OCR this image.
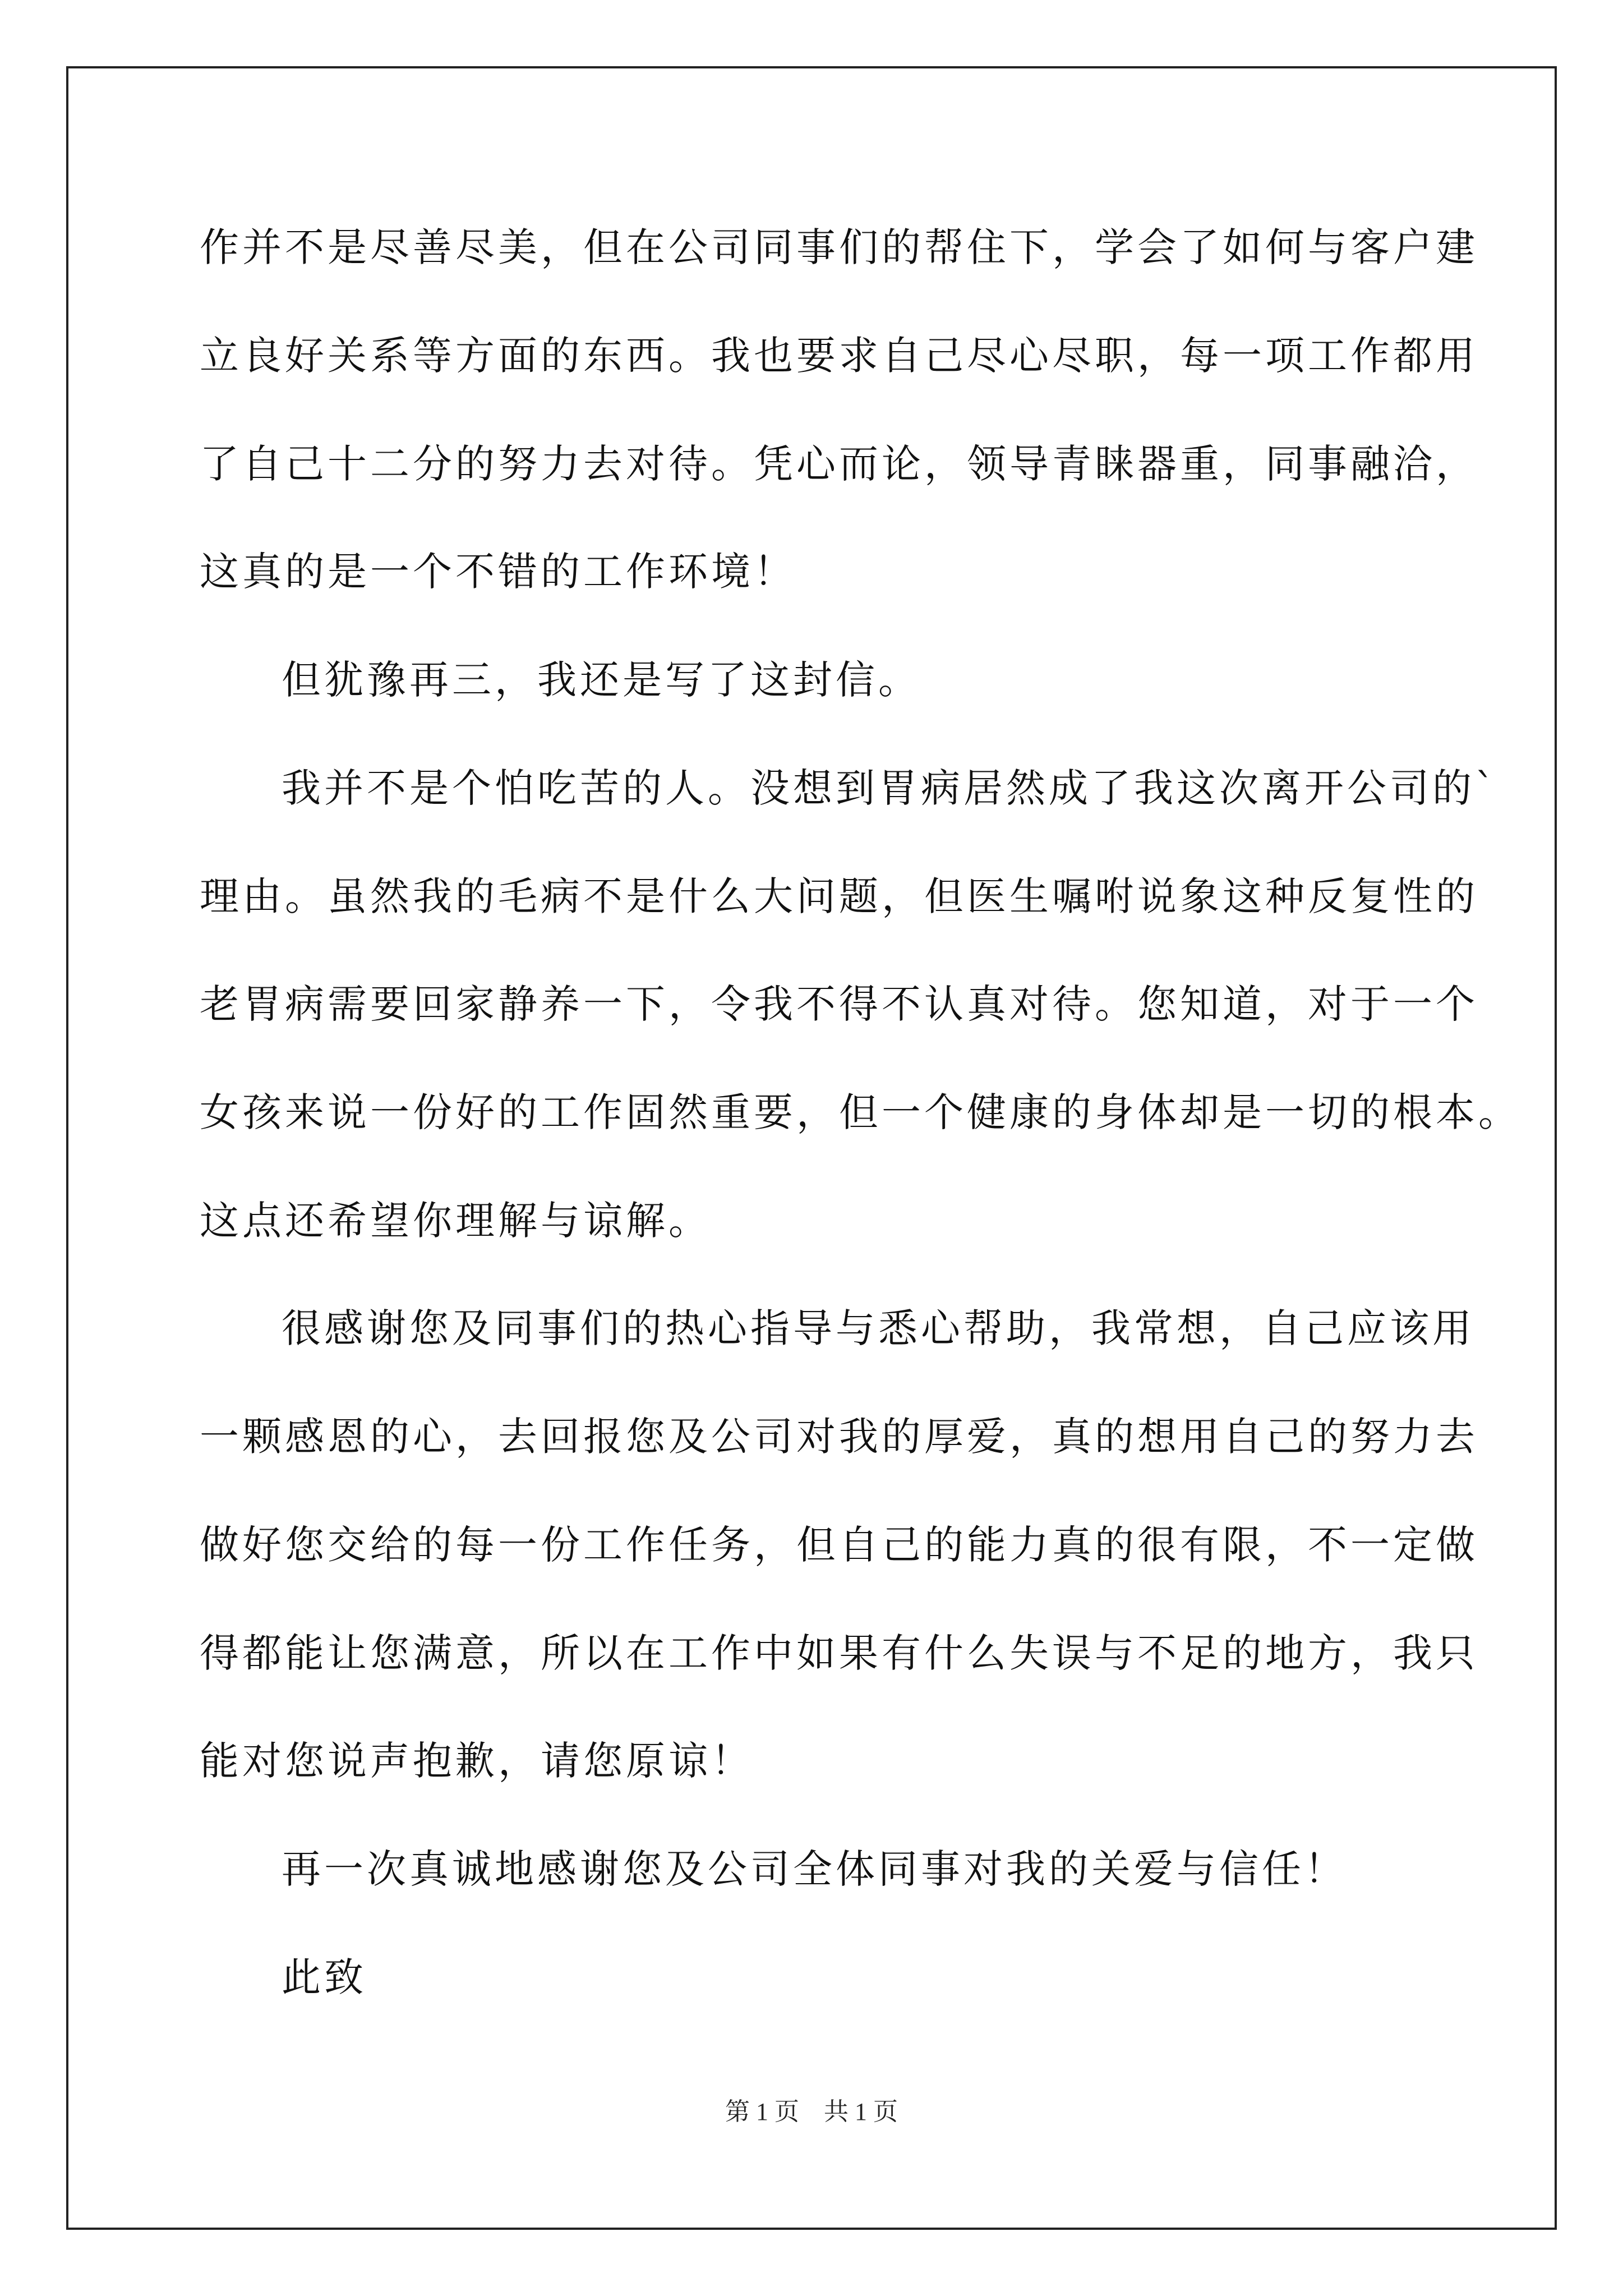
作并不是尽善尽美，但在公司同事们的帮住下，学会了如何与客户建
立良好关系等方面的东西。我也要求自己尽心尽职，每一项工作都用
了自己十二分的努力去对待。凭心而论，领导青睐器重，同事融洽，
这真的是一个不错的工作环境！
但犹豫再三，我还是写了这封信。
我并不是个怕吃苦的人。没想到胃病居然成了我这次离开公司的`
理由。虽然我的毛病不是什么大问题，但医生嘱咐说象这种反复性的
老胃病需要回家静养一下，令我不得不认真对待。您知道，对于一个
女孩来说一份好的工作固然重要，但一个健康的身体却是一切的根本。
这点还希望你理解与谅解。
很感谢您及同事们的热心指导与悉心帮助，我常想，自己应该用
一颗感恩的心，去回报您及公司对我的厚爱，真的想用自己的努力去
做好您交给的每一份工作任务，但自己的能力真的很有限，不一定做
得都能让您满意，所以在工作中如果有什么失误与不足的地方，我只
能对您说声抱歉，请您原谅！
再一次真诚地感谢您及公司全体同事对我的关爱与信任！
此致
第 1 页　共 1 页
